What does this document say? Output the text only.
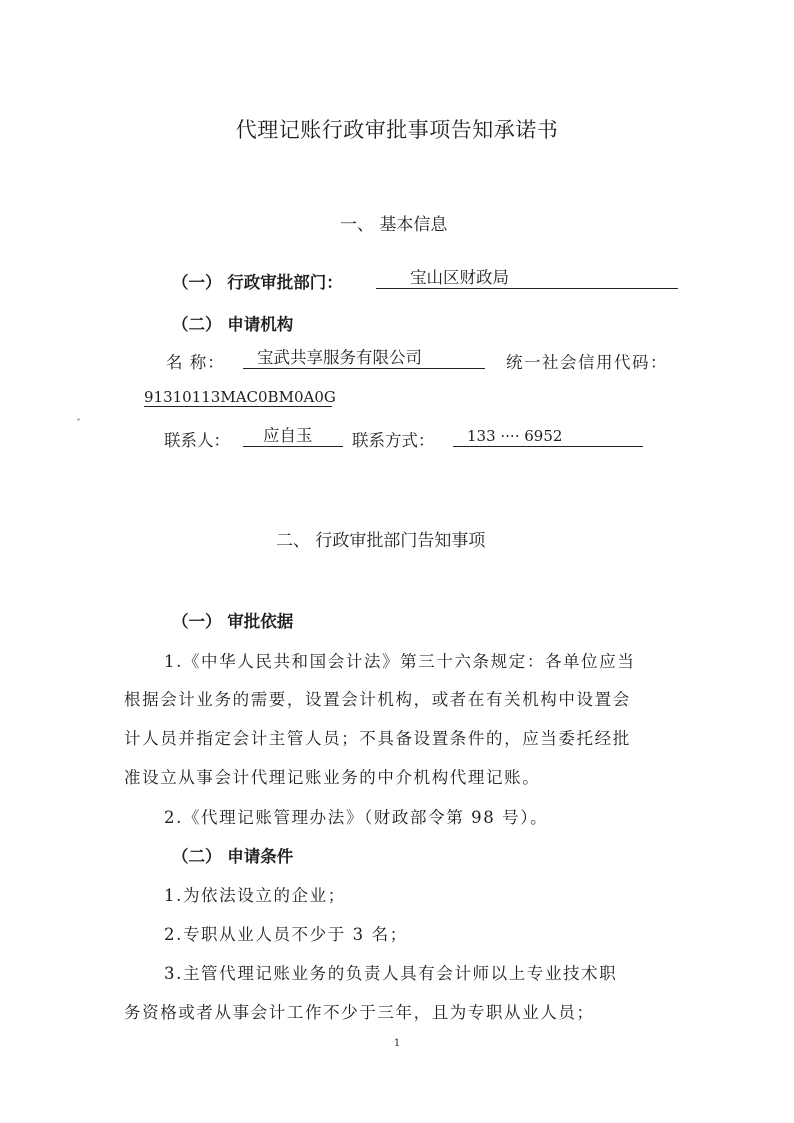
代理记账行政审批事项告知承诺书
一、 基本信息
（一） 行政审批部门：	宝山区财政局
（二） 申请机构
名 称：	宝武共享服务有限公司	统一社会信用代码：
91310113MAC0BM0A0G
ˇ
联系人：	应自玉	联系方式：	133 ···· 6952
二、 行政审批部门告知事项
（一） 审批依据
1.《中华人民共和国会计法》第三十六条规定：各单位应当
根据会计业务的需要，设置会计机构，或者在有关机构中设置会
计人员并指定会计主管人员；不具备设置条件的，应当委托经批
准设立从事会计代理记账业务的中介机构代理记账。
2.《代理记账管理办法》（财政部令第 98 号）。
（二） 申请条件
1.为依法设立的企业；
2.专职从业人员不少于 3 名；
3.主管代理记账业务的负责人具有会计师以上专业技术职
务资格或者从事会计工作不少于三年，且为专职从业人员；
1
